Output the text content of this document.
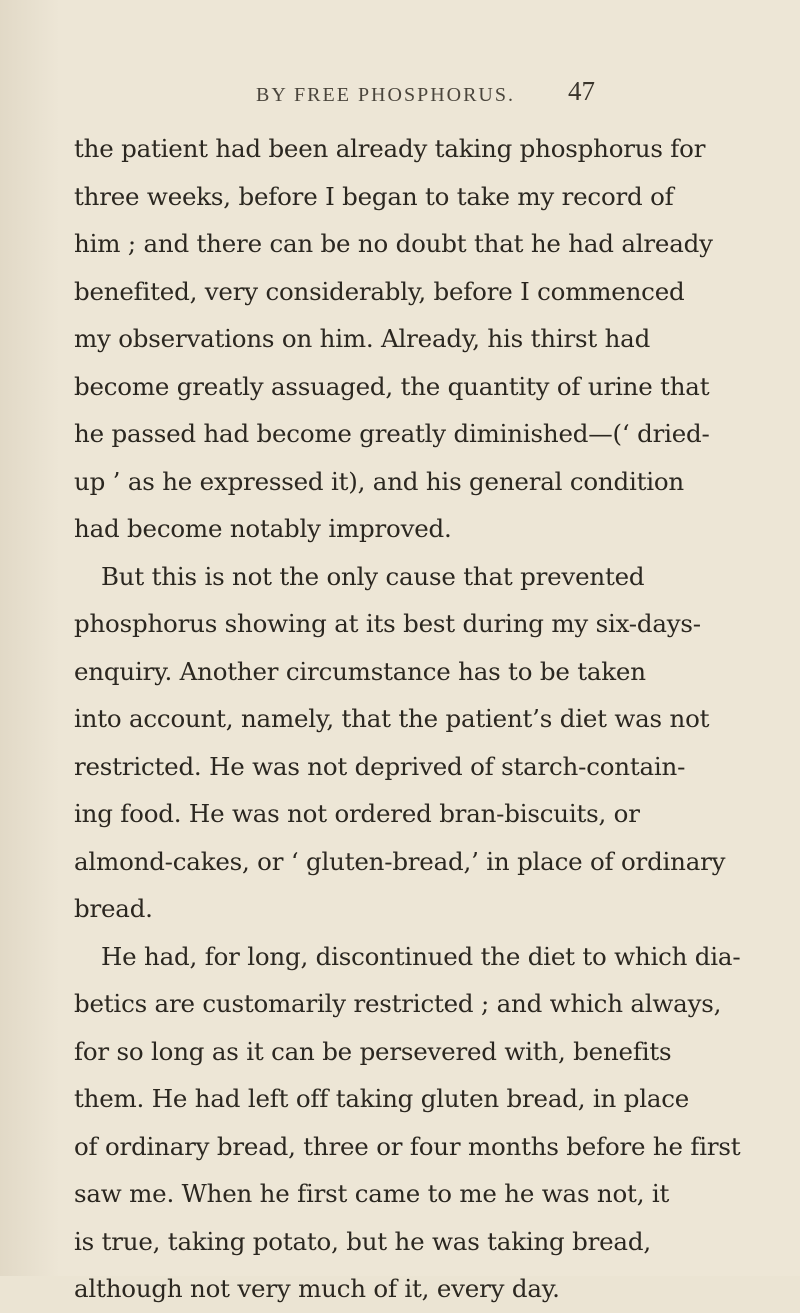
BY FREE PHOSPHORUS. 47
the patient had been already taking phosphorus for
three weeks, before I began to take my record of
him ; and there can be no doubt that he had already
benefited, very considerably, before I commenced
my observations on him. Already, his thirst had
become greatly assuaged, the quantity of urine that
he passed had become greatly diminished—(‘ dried-
up ’ as he expressed it), and his general condition
had become notably improved.
But this is not the only cause that prevented
phosphorus showing at its best during my six-days-
enquiry. Another circumstance has to be taken
into account, namely, that the patient’s diet was not
restricted. He was not deprived of starch-contain-
ing food. He was not ordered bran-biscuits, or
almond-cakes, or ‘ gluten-bread,’ in place of ordinary
bread.
He had, for long, discontinued the diet to which dia-
betics are customarily restricted ; and which always,
for so long as it can be persevered with, benefits
them. He had left off taking gluten bread, in place
of ordinary bread, three or four months before he first
saw me. When he first came to me he was not, it
is true, taking potato, but he was taking bread,
although not very much of it, every day.
